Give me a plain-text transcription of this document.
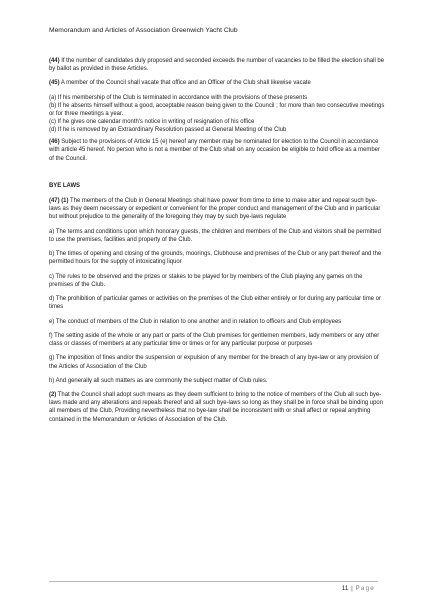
Memorandum and Articles of Association Greenwich Yacht Club

(44) If the number of candidates duly proposed and seconded exceeds the number of vacancies to be filled the election shall be by ballot as provided in these Articles.

(45) A member of the Council shall vacate that office and an Officer of the Club shall likewise vacate

(a) If his membership of the Club is terminated in accordance with the provisions of these presents

(b) If he absents himself without a good, acceptable reason being given to the Council ; for more than two consecutive meetings or for three meetings a year.

(c) If he gives one calendar month's notice in writing of resignation of his office

(d) If he is removed by an Extraordinary Resolution passed at General Meeting of the Club

(46) Subject to the provisions of Article 15 (e) hereof any member may be nominated for election to the Council in accordance with article 45 hereof. No person who is not a member of the Club shall on any occasion be eligible to hold office as a member of the Council.

BYE LAWS

(47) (1) The members of the Club in General Meetings shall have power from time to time to make alter and repeal such bye-laws as they deem necessary or expedient or convenient for the proper conduct and management of the Club and in particular but without prejudice to the generality of the foregoing they may by such bye-laws regulate

a) The terms and conditions upon which honorary guests, the children and members of the Club and visitors shall be permitted to use the premises, facilities and property of the Club.

b) The times of opening and closing of the grounds, moorings, Clubhouse and premises of the Club or any part thereof and the permitted hours for the supply of intoxicating liquor

c) The rules to be observed and the prizes or stakes to be played for by members of the Club playing any games on the premises of the Club.

d) The prohibition of particular games or activities on the premises of the Club either entirely or for during any particular time or times

e) The conduct of members of the Club in relation to one another and in relation to officers and Club employees

f) The setting aside of the whole or any part or parts of the Club premises for gentlemen members, lady members or any other class or classes of members at any particular time or times or for any particular purpose or purposes

g) The imposition of fines and/or the suspension or expulsion of any member for the breach of any bye-law or any provision of the Articles of Association of the Club

h) And generally all such matters as are commonly the subject matter of Club rules.

(2) That the Council shall adopt such means as they deem sufficient to bring to the notice of members of the Club all such bye-laws made and any alterations and repeals thereof and all such bye-laws so long as they shall be in force shall be binding upon all members of the Club, Providing nevertheless that no bye-law shall be inconsistent with or shall affect or repeal anything contained in the Memorandum or Articles of Association of the Club.

11 | Page
